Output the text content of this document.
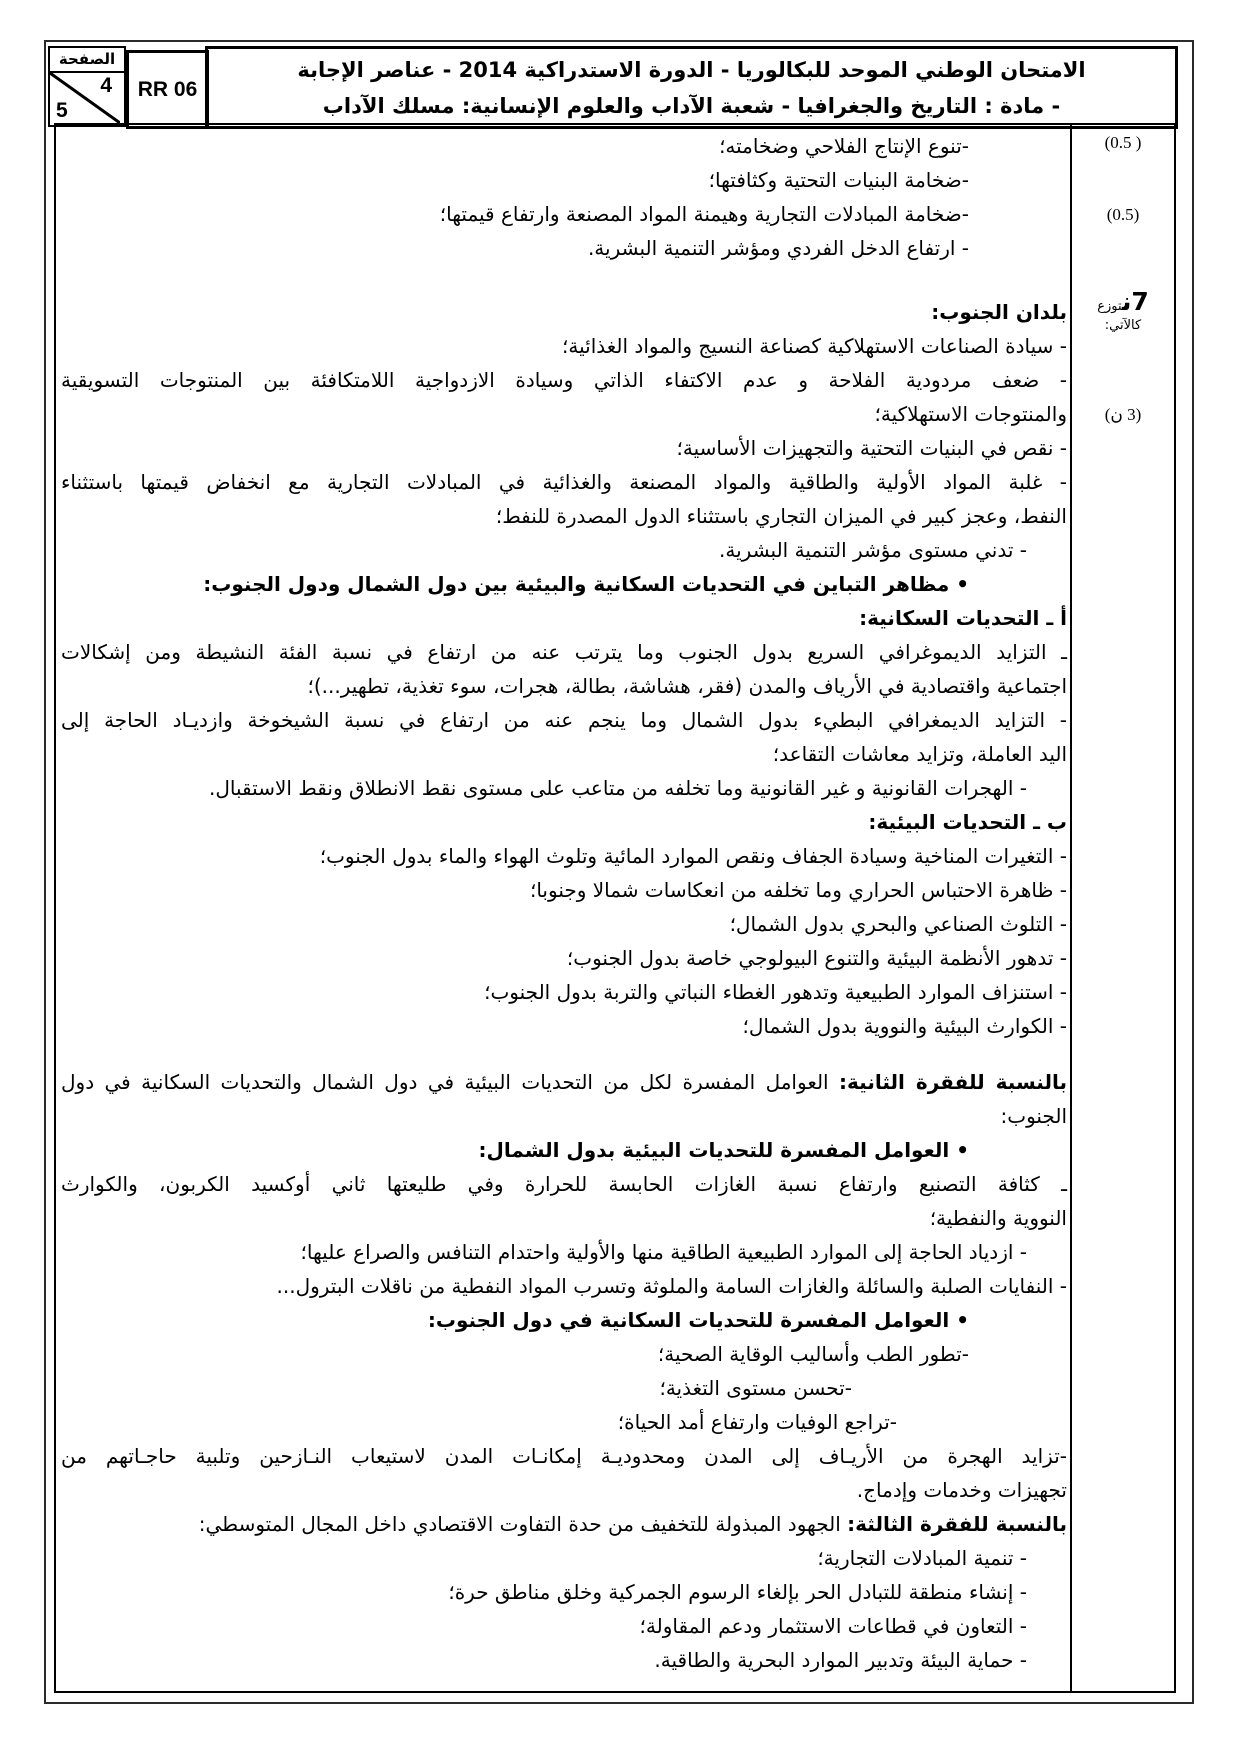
الصفحة
4
5
RR 06
الامتحان الوطني الموحد للبكالوريا - الدورة الاستدراكية 2014 - عناصر الإجابة
- مادة : التاريخ والجغرافيا - شعبة الآداب والعلوم الإنسانية: مسلك الآداب
(0.5 )
(0.5)
7نتوزع
كالآتي:
(3 ن)
-تنوع الإنتاج الفلاحي وضخامته؛
-ضخامة البنيات التحتية وكثافتها؛
-ضخامة المبادلات التجارية وهيمنة المواد المصنعة وارتفاع قيمتها؛
- ارتفاع الدخل الفردي ومؤشر التنمية البشرية.
بلدان الجنوب:
- سيادة الصناعات الاستهلاكية كصناعة النسيج والمواد الغذائية؛
- ضعف مردودية الفلاحة و عدم الاكتفاء الذاتي وسيادة الازدواجية اللامتكافئة بين المنتوجات التسويقية
والمنتوجات الاستهلاكية؛
- نقص في البنيات التحتية والتجهيزات الأساسية؛
- غلبة المواد الأولية والطاقية والمواد المصنعة والغذائية في المبادلات التجارية مع انخفاض قيمتها باستثناء
النفط، وعجز كبير في الميزان التجاري باستثناء الدول المصدرة للنفط؛
- تدني مستوى مؤشر التنمية البشرية.
• مظاهر التباين في التحديات السكانية والبيئية بين دول الشمال ودول الجنوب:
أ ـ التحديات السكانية:
ـ التزايد الديموغرافي السريع بدول الجنوب وما يترتب عنه من ارتفاع في نسبة الفئة النشيطة ومن إشكالات
اجتماعية واقتصادية في الأرياف والمدن (فقر، هشاشة، بطالة، هجرات، سوء تغذية، تطهير...)؛
- التزايد الديمغرافي البطيء بدول الشمال وما ينجم عنه من ارتفاع في نسبة الشيخوخة وازديـاد الحاجة إلى
اليد العاملة، وتزايد معاشات التقاعد؛
- الهجرات القانونية و غير القانونية وما تخلفه من متاعب على مستوى نقط الانطلاق ونقط الاستقبال.
ب ـ التحديات البيئية:
- التغيرات المناخية وسيادة الجفاف ونقص الموارد المائية وتلوث الهواء والماء بدول الجنوب؛
- ظاهرة الاحتباس الحراري وما تخلفه من انعكاسات شمالا وجنوبا؛
- التلوث الصناعي والبحري بدول الشمال؛
- تدهور الأنظمة البيئية والتنوع البيولوجي خاصة بدول الجنوب؛
- استنزاف الموارد الطبيعية وتدهور الغطاء النباتي والتربة بدول الجنوب؛
- الكوارث البيئية والنووية بدول الشمال؛
بالنسبة للفقرة الثانية: العوامل المفسرة لكل من التحديات البيئية في دول الشمال والتحديات السكانية في دول
الجنوب:
• العوامل المفسرة للتحديات البيئية بدول الشمال:
ـ كثافة التصنيع وارتفاع نسبة الغازات الحابسة للحرارة وفي طليعتها ثاني أوكسيد الكربون، والكوارث
النووية والنفطية؛
- ازدياد الحاجة إلى الموارد الطبيعية الطاقية منها والأولية واحتدام التنافس والصراع عليها؛
- النفايات الصلبة والسائلة والغازات السامة والملوثة وتسرب المواد النفطية من ناقلات البترول...
• العوامل المفسرة للتحديات السكانية في دول الجنوب:
-تطور الطب وأساليب الوقاية الصحية؛
-تحسن مستوى التغذية؛
-تراجع الوفيات وارتفاع أمد الحياة؛
-تزايد الهجرة من الأريـاف إلى المدن ومحدوديـة إمكانـات المدن لاستيعاب النـازحين وتلبية حاجـاتهم من
تجهيزات وخدمات وإدماج.
بالنسبة للفقرة الثالثة: الجهود المبذولة للتخفيف من حدة التفاوت الاقتصادي داخل المجال المتوسطي:
- تنمية المبادلات التجارية؛
- إنشاء منطقة للتبادل الحر بإلغاء الرسوم الجمركية وخلق مناطق حرة؛
- التعاون في قطاعات الاستثمار ودعم المقاولة؛
- حماية البيئة وتدبير الموارد البحرية والطاقية.
